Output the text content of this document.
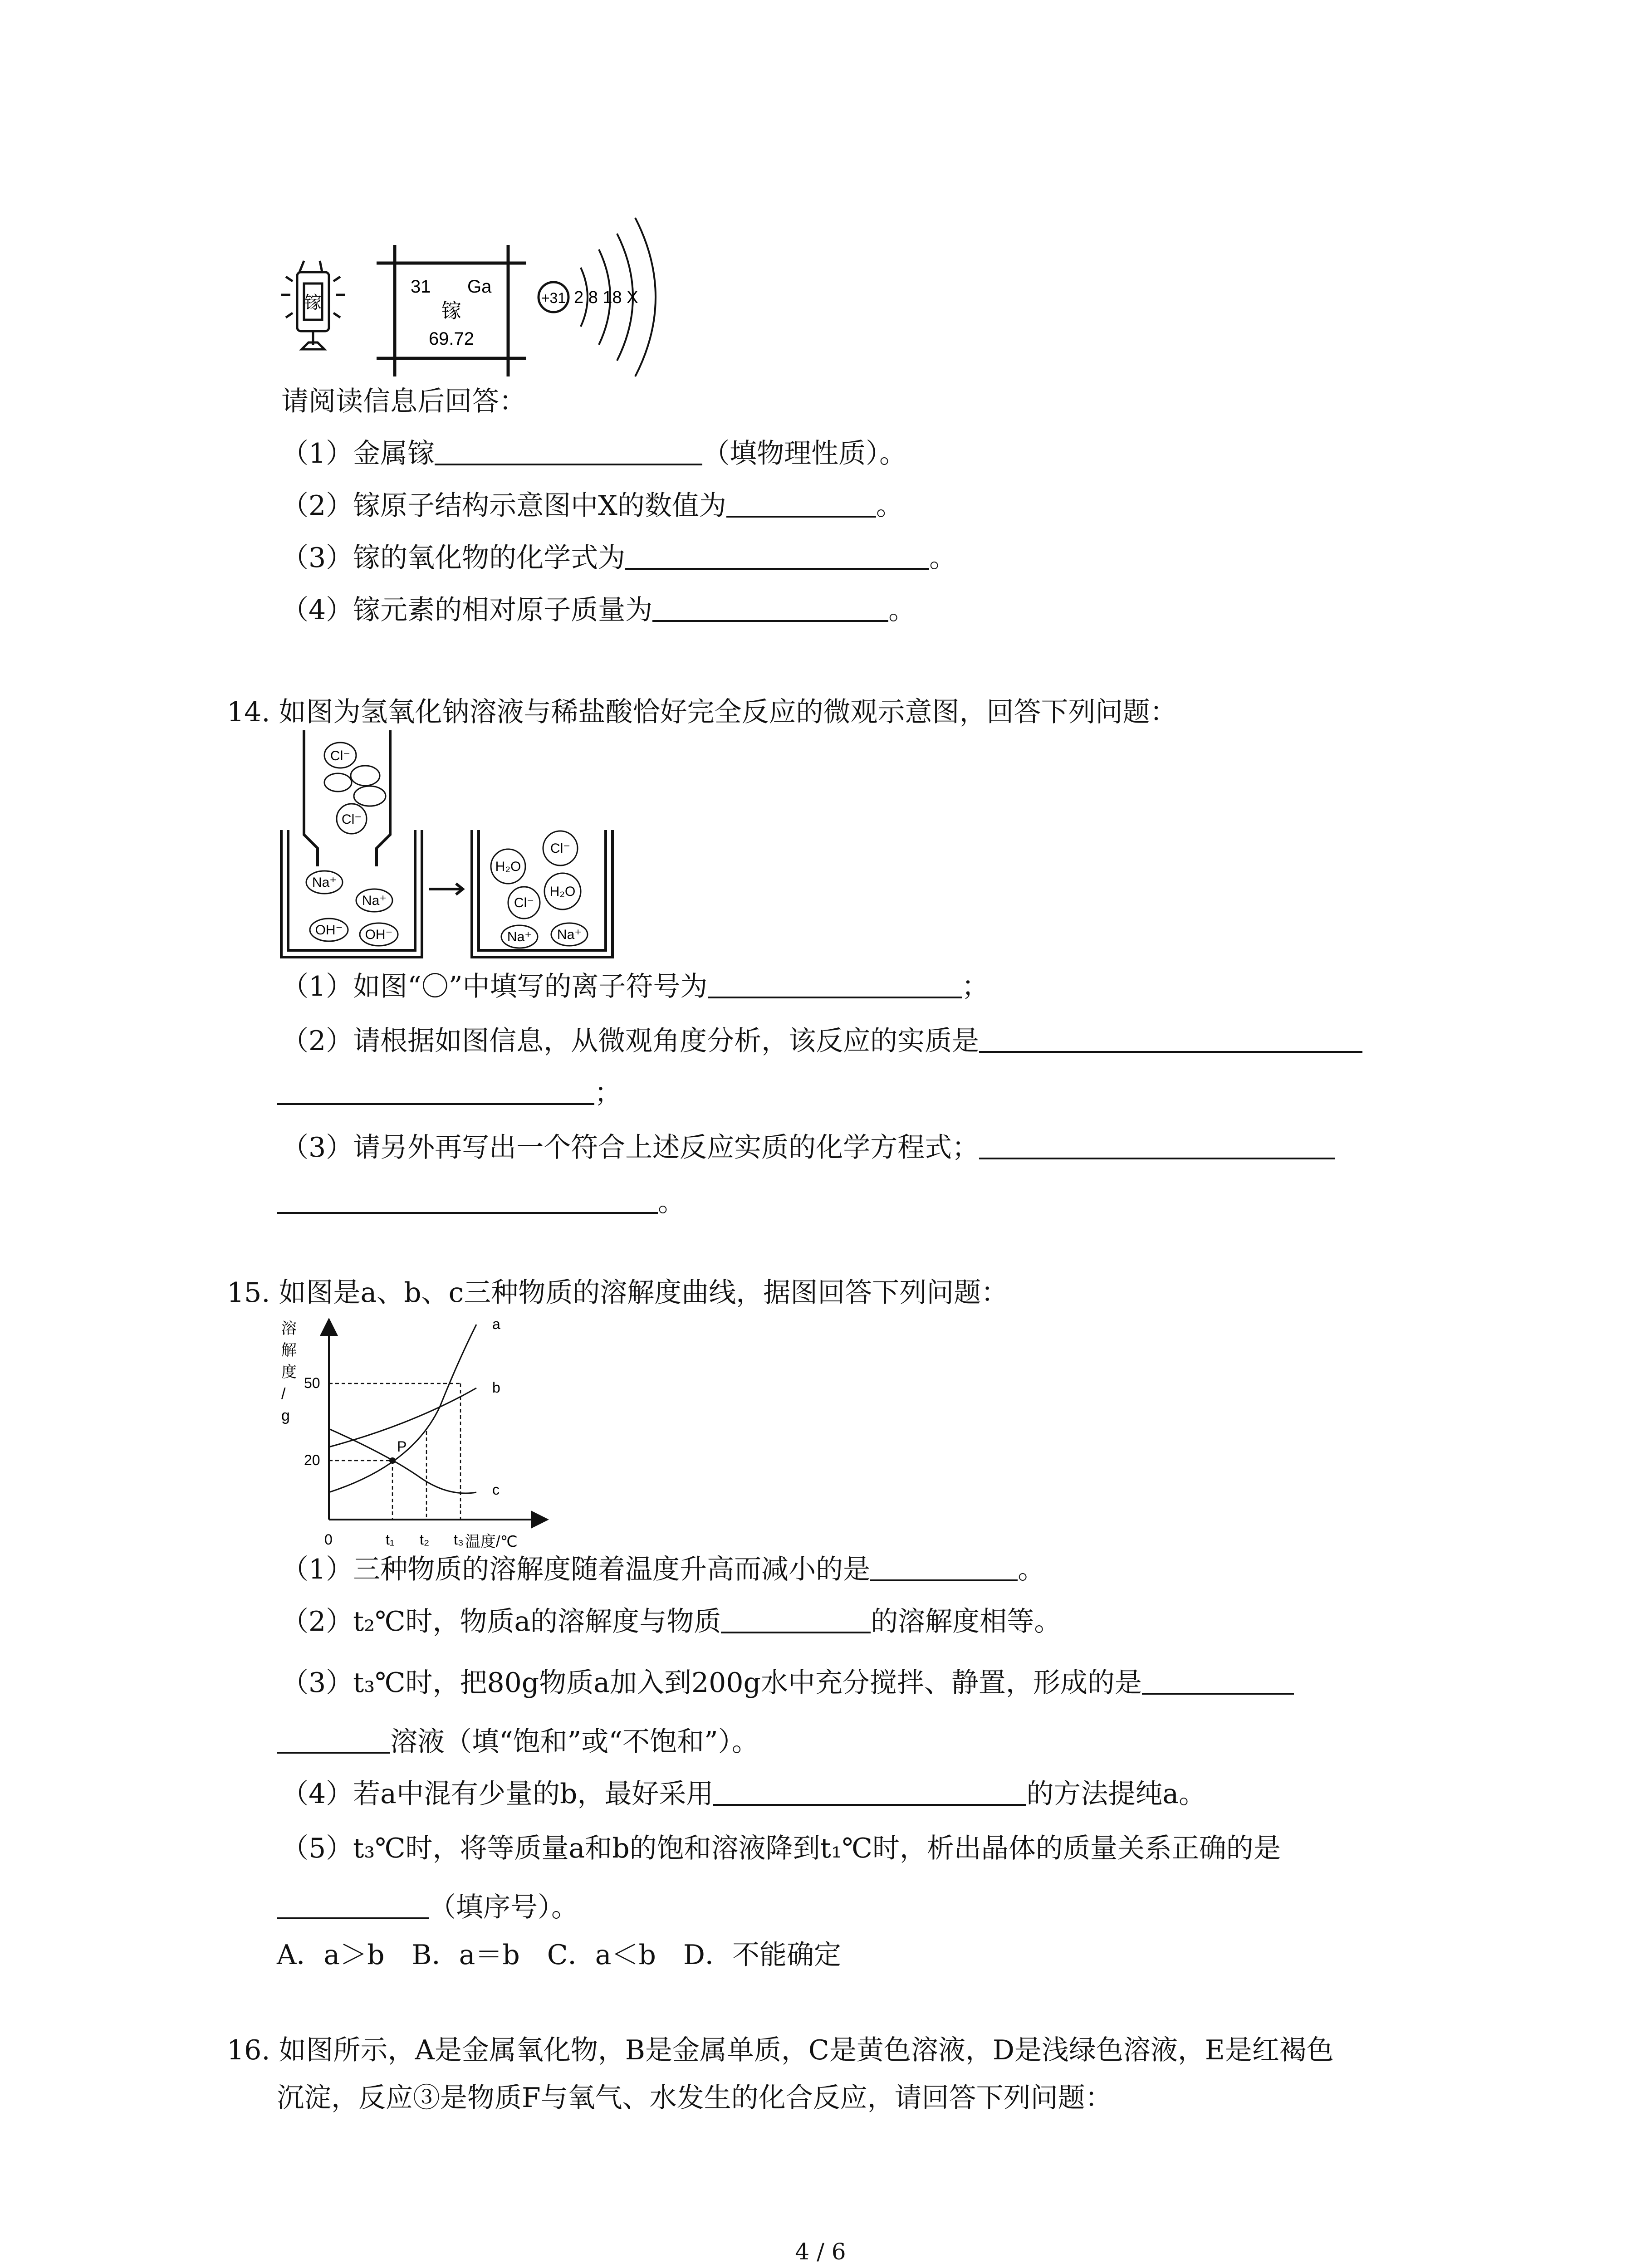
镓
31 Ga
镓
69.72
+31 2 8 18 X
请阅读信息后回答：
（1）金属镓	（填物理性质）。
（2）镓原子结构示意图中X的数值为	。
（3）镓的氧化物的化学式为	。
（4）镓元素的相对原子质量为	。
14. 如图为氢氧化钠溶液与稀盐酸恰好完全反应的微观示意图，回答下列问题：
Cl⁻
Cl⁻
Na⁺
Na⁺
OH⁻ OH⁻
H₂O
Cl⁻
Cl⁻
H₂O
Na⁺ Na⁺
（1）如图“〇”中填写的离子符号为	；
（2）请根据如图信息，从微观角度分析，该反应的实质是
；
（3）请另外再写出一个符合上述反应实质的化学方程式；
。
15. 如图是a、b、c三种物质的溶解度曲线，据图回答下列问题：
溶解度/ g
a
b
c
P
50
20
0	t₁ t₂ t₃ 温度/℃
（1）三种物质的溶解度随着温度升高而减小的是	。
（2）t₂℃时，物质a的溶解度与物质	的溶解度相等。
（3）t₃℃时，把80g物质a加入到200g水中充分搅拌、静置，形成的是
溶液（填“饱和”或“不饱和”）。
（4）若a中混有少量的b，最好采用	的方法提纯a。
（5）t₃℃时，将等质量a和b的饱和溶液降到t₁℃时，析出晶体的质量关系正确的是
（填序号）。
A．a＞b　B．a＝b　C．a＜b　D．不能确定
16. 如图所示，A是金属氧化物，B是金属单质，C是黄色溶液，D是浅绿色溶液，E是红褐色
沉淀，反应③是物质F与氧气、水发生的化合反应，请回答下列问题：
4 / 6
